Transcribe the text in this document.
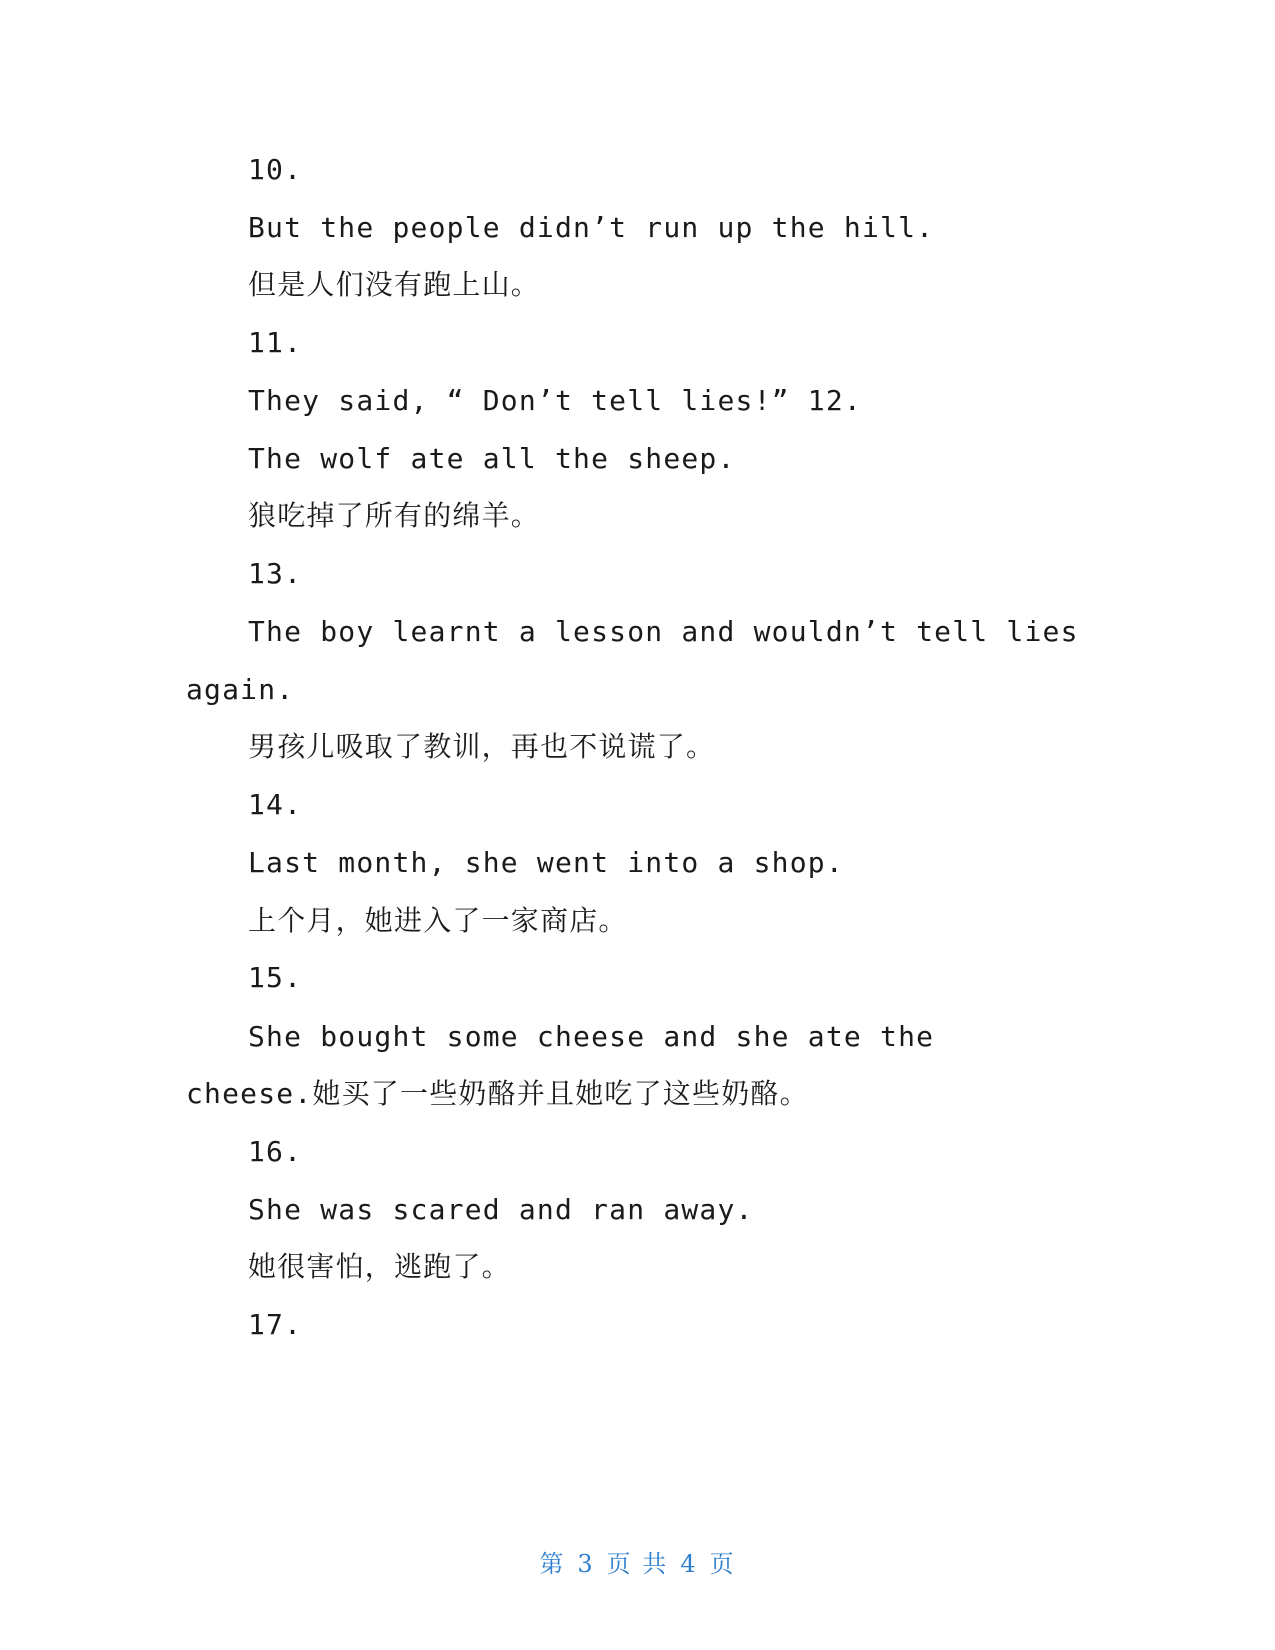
10.
But the people didn’t run up the hill.
但是人们没有跑上山。
11.
They said, “ Don’t tell lies!” 12.
The wolf ate all the sheep.
狼吃掉了所有的绵羊。
13.
The boy learnt a lesson and wouldn’t tell lies
again.
男孩儿吸取了教训，再也不说谎了。
14.
Last month, she went into a shop.
上个月，她进入了一家商店。
15.
She bought some cheese and she ate the
cheese.她买了一些奶酪并且她吃了这些奶酪。
16.
She was scared and ran away.
她很害怕，逃跑了。
17.
第 3 页 共 4 页
